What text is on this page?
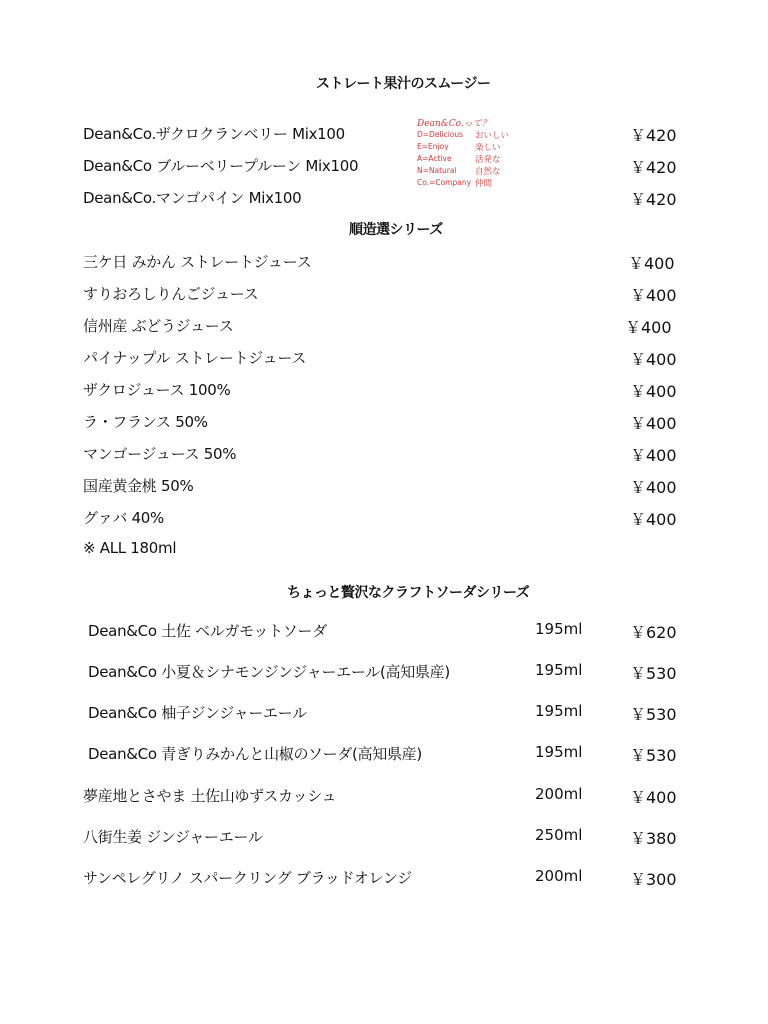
ストレート果汁のスムージー
Dean&Co.ザクロクランベリー Mix100	￥420
Dean&Co ブルーベリープルーン Mix100	￥420
Dean&Co.マンゴパイン Mix100	￥420
Dean&Co.って？
D=Delicious おいしい
E=Enjoy	楽しい
A=Active	活発な
N=Natural 自然な
Co.=Company 仲間
順造選シリーズ
三ケ日 みかん ストレートジュース	￥400
すりおろしりんごジュース	￥400
信州産 ぶどうジュース	￥400
パイナップル ストレートジュース	￥400
ザクロジュース 100%	￥400
ラ・フランス 50%	￥400
マンゴージュース 50%	￥400
国産黄金桃 50%	￥400
グァバ 40%	￥400
※ ALL 180ml
ちょっと贅沢なクラフトソーダシリーズ
Dean&Co 土佐 ベルガモットソーダ	195ml	￥620
Dean&Co 小夏＆シナモンジンジャーエール(高知県産)	195ml	￥530
Dean&Co 柚子ジンジャーエール	195ml	￥530
Dean&Co 青ぎりみかんと山椒のソーダ(高知県産)	195ml	￥530
夢産地とさやま 土佐山ゆずスカッシュ	200ml	￥400
八街生姜 ジンジャーエール	250ml	￥380
サンペレグリノ スパークリング ブラッドオレンジ	200ml	￥300
